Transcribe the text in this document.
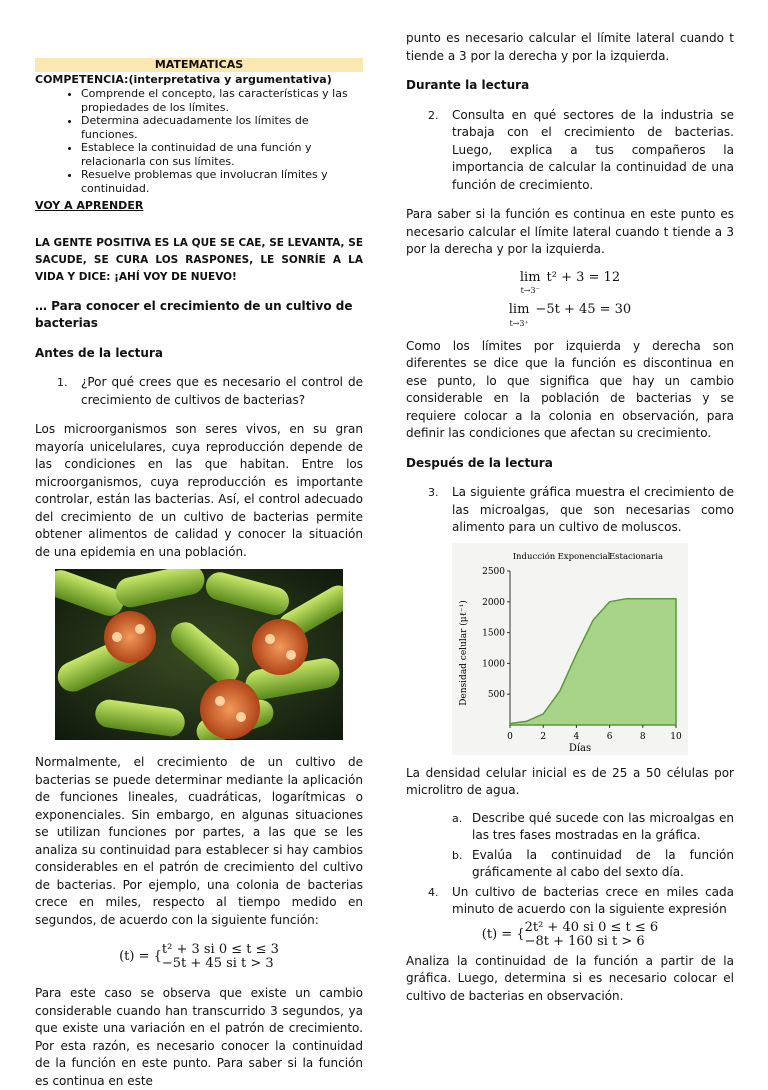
MATEMATICAS
COMPETENCIA:(interpretativa y argumentativa)
• Comprende el concepto, las características y las propiedades de los límites.
• Determina adecuadamente los límites de funciones.
• Establece la continuidad de una función y relacionarla con sus límites.
• Resuelve problemas que involucran límites y continuidad.
VOY A APRENDER

LA GENTE POSITIVA ES LA QUE SE CAE, SE LEVANTA, SE SACUDE, SE CURA LOS RASPONES, LE SONRÍE A LA VIDA Y DICE: ¡AHÍ VOY DE NUEVO!

… Para conocer el crecimiento de un cultivo de bacterias

Antes de la lectura

1.	¿Por qué crees que es necesario el control de crecimiento de cultivos de bacterias?

Los microorganismos son seres vivos, en su gran mayoría unicelulares, cuya reproducción depende de las condiciones en las que habitan. Entre los microorganismos, cuya reproducción es importante controlar, están las bacterias. Así, el control adecuado del crecimiento de un cultivo de bacterias permite obtener alimentos de calidad y conocer la situación de una epidemia en una población.

Normalmente, el crecimiento de un cultivo de bacterias se puede determinar mediante la aplicación de funciones lineales, cuadráticas, logarítmicas o exponenciales. Sin embargo, en algunas situaciones se utilizan funciones por partes, a las que se les analiza su continuidad para establecer si hay cambios considerables en el patrón de crecimiento del cultivo de bacterias. Por ejemplo, una colonia de bacterias crece en miles, respecto al tiempo medido en segundos, de acuerdo con la siguiente función:

(t) = { t² + 3 si 0 ≤ t ≤ 3
−5t + 45 si t > 3

Para este caso se observa que existe un cambio considerable cuando han transcurrido 3 segundos, ya que existe una variación en el patrón de crecimiento. Por esta razón, es necesario conocer la continuidad de la función en este punto. Para saber si la función es continua en este

punto es necesario calcular el límite lateral cuando t tiende a 3 por la derecha y por la izquierda.

Durante la lectura

2.	Consulta en qué sectores de la industria se trabaja con el crecimiento de bacterias. Luego, explica a tus compañeros la importancia de calcular la continuidad de una función de crecimiento.

Para saber si la función es continua en este punto es necesario calcular el límite lateral cuando t tiende a 3 por la derecha y por la izquierda.

lim
t→3⁻
t² + 3 = 12
lim
t→3⁺
−5t + 45 = 30

Como los límites por izquierda y derecha son diferentes se dice que la función es discontinua en ese punto, lo que significa que hay un cambio considerable en la población de bacterias y se requiere colocar a la colonia en observación, para definir las condiciones que afectan su crecimiento.

Después de la lectura

3.	La siguiente gráfica muestra el crecimiento de las microalgas, que son necesarias como alimento para un cultivo de moluscos.
Inducción Exponencial
Estacionaria
500
1000
1500
2000
2500
0	2	4	6	8	10
Días
Densidad celular (μℓ⁻¹)

La densidad celular inicial es de 25 a 50 células por microlitro de agua.

a. Describe qué sucede con las microalgas en las tres fases mostradas en la gráfica.
b. Evalúa la continuidad de la función gráficamente al cabo del sexto día.
4.	Un cultivo de bacterias crece en miles cada minuto de acuerdo con la siguiente expresión
(t) = { 2t² + 40 si 0 ≤ t ≤ 6
−8t + 160 si t > 6

Analiza la continuidad de la función a partir de la gráfica. Luego, determina si es necesario colocar el cultivo de bacterias en observación.
